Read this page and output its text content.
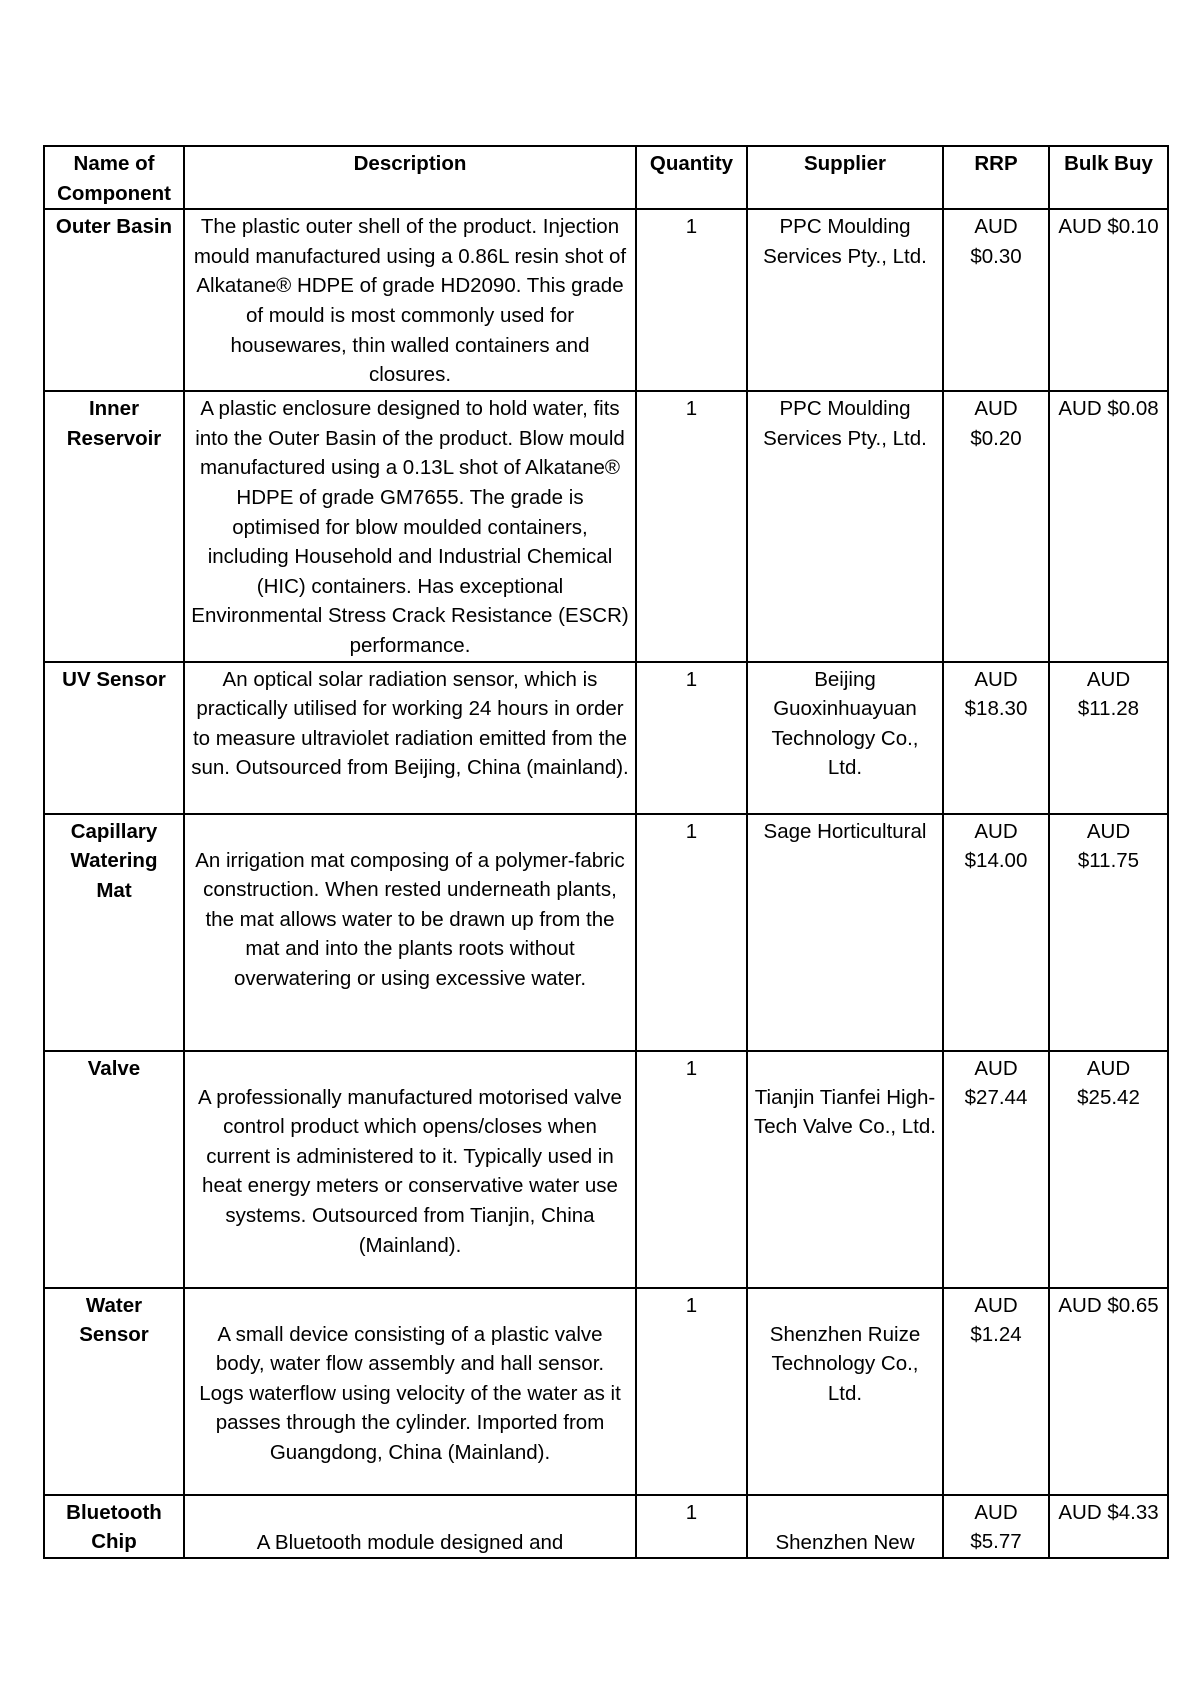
Name of Component	Description	Quantity	Supplier	RRP	Bulk Buy
Outer Basin	The plastic outer shell of the product. Injection mould manufactured using a 0.86L resin shot of Alkatane® HDPE of grade HD2090. This grade of mould is most commonly used for housewares, thin walled containers and closures.	1	PPC Moulding Services Pty., Ltd.	AUD $0.30	AUD $0.10
Inner Reservoir	A plastic enclosure designed to hold water, fits into the Outer Basin of the product. Blow mould manufactured using a 0.13L shot of Alkatane® HDPE of grade GM7655. The grade is optimised for blow moulded containers, including Household and Industrial Chemical (HIC) containers. Has exceptional Environmental Stress Crack Resistance (ESCR) performance.	1	PPC Moulding Services Pty., Ltd.	AUD $0.20	AUD $0.08
UV Sensor	An optical solar radiation sensor, which is practically utilised for working 24 hours in order to measure ultraviolet radiation emitted from the sun. Outsourced from Beijing, China (mainland).	1	Beijing Guoxinhuayuan Technology Co., Ltd.	AUD $18.30	AUD $11.28
Capillary Watering Mat	An irrigation mat composing of a polymer-fabric construction. When rested underneath plants, the mat allows water to be drawn up from the mat and into the plants roots without overwatering or using excessive water.	1	Sage Horticultural	AUD $14.00	AUD $11.75
Valve	A professionally manufactured motorised valve control product which opens/closes when current is administered to it. Typically used in heat energy meters or conservative water use systems. Outsourced from Tianjin, China (Mainland).	1	Tianjin Tianfei High-Tech Valve Co., Ltd.	AUD $27.44	AUD $25.42
Water Sensor	A small device consisting of a plastic valve body, water flow assembly and hall sensor. Logs waterflow using velocity of the water as it passes through the cylinder. Imported from Guangdong, China (Mainland).	1	Shenzhen Ruize Technology Co., Ltd.	AUD $1.24	AUD $0.65
Bluetooth Chip	A Bluetooth module designed and	1	Shenzhen New	AUD $5.77	AUD $4.33
